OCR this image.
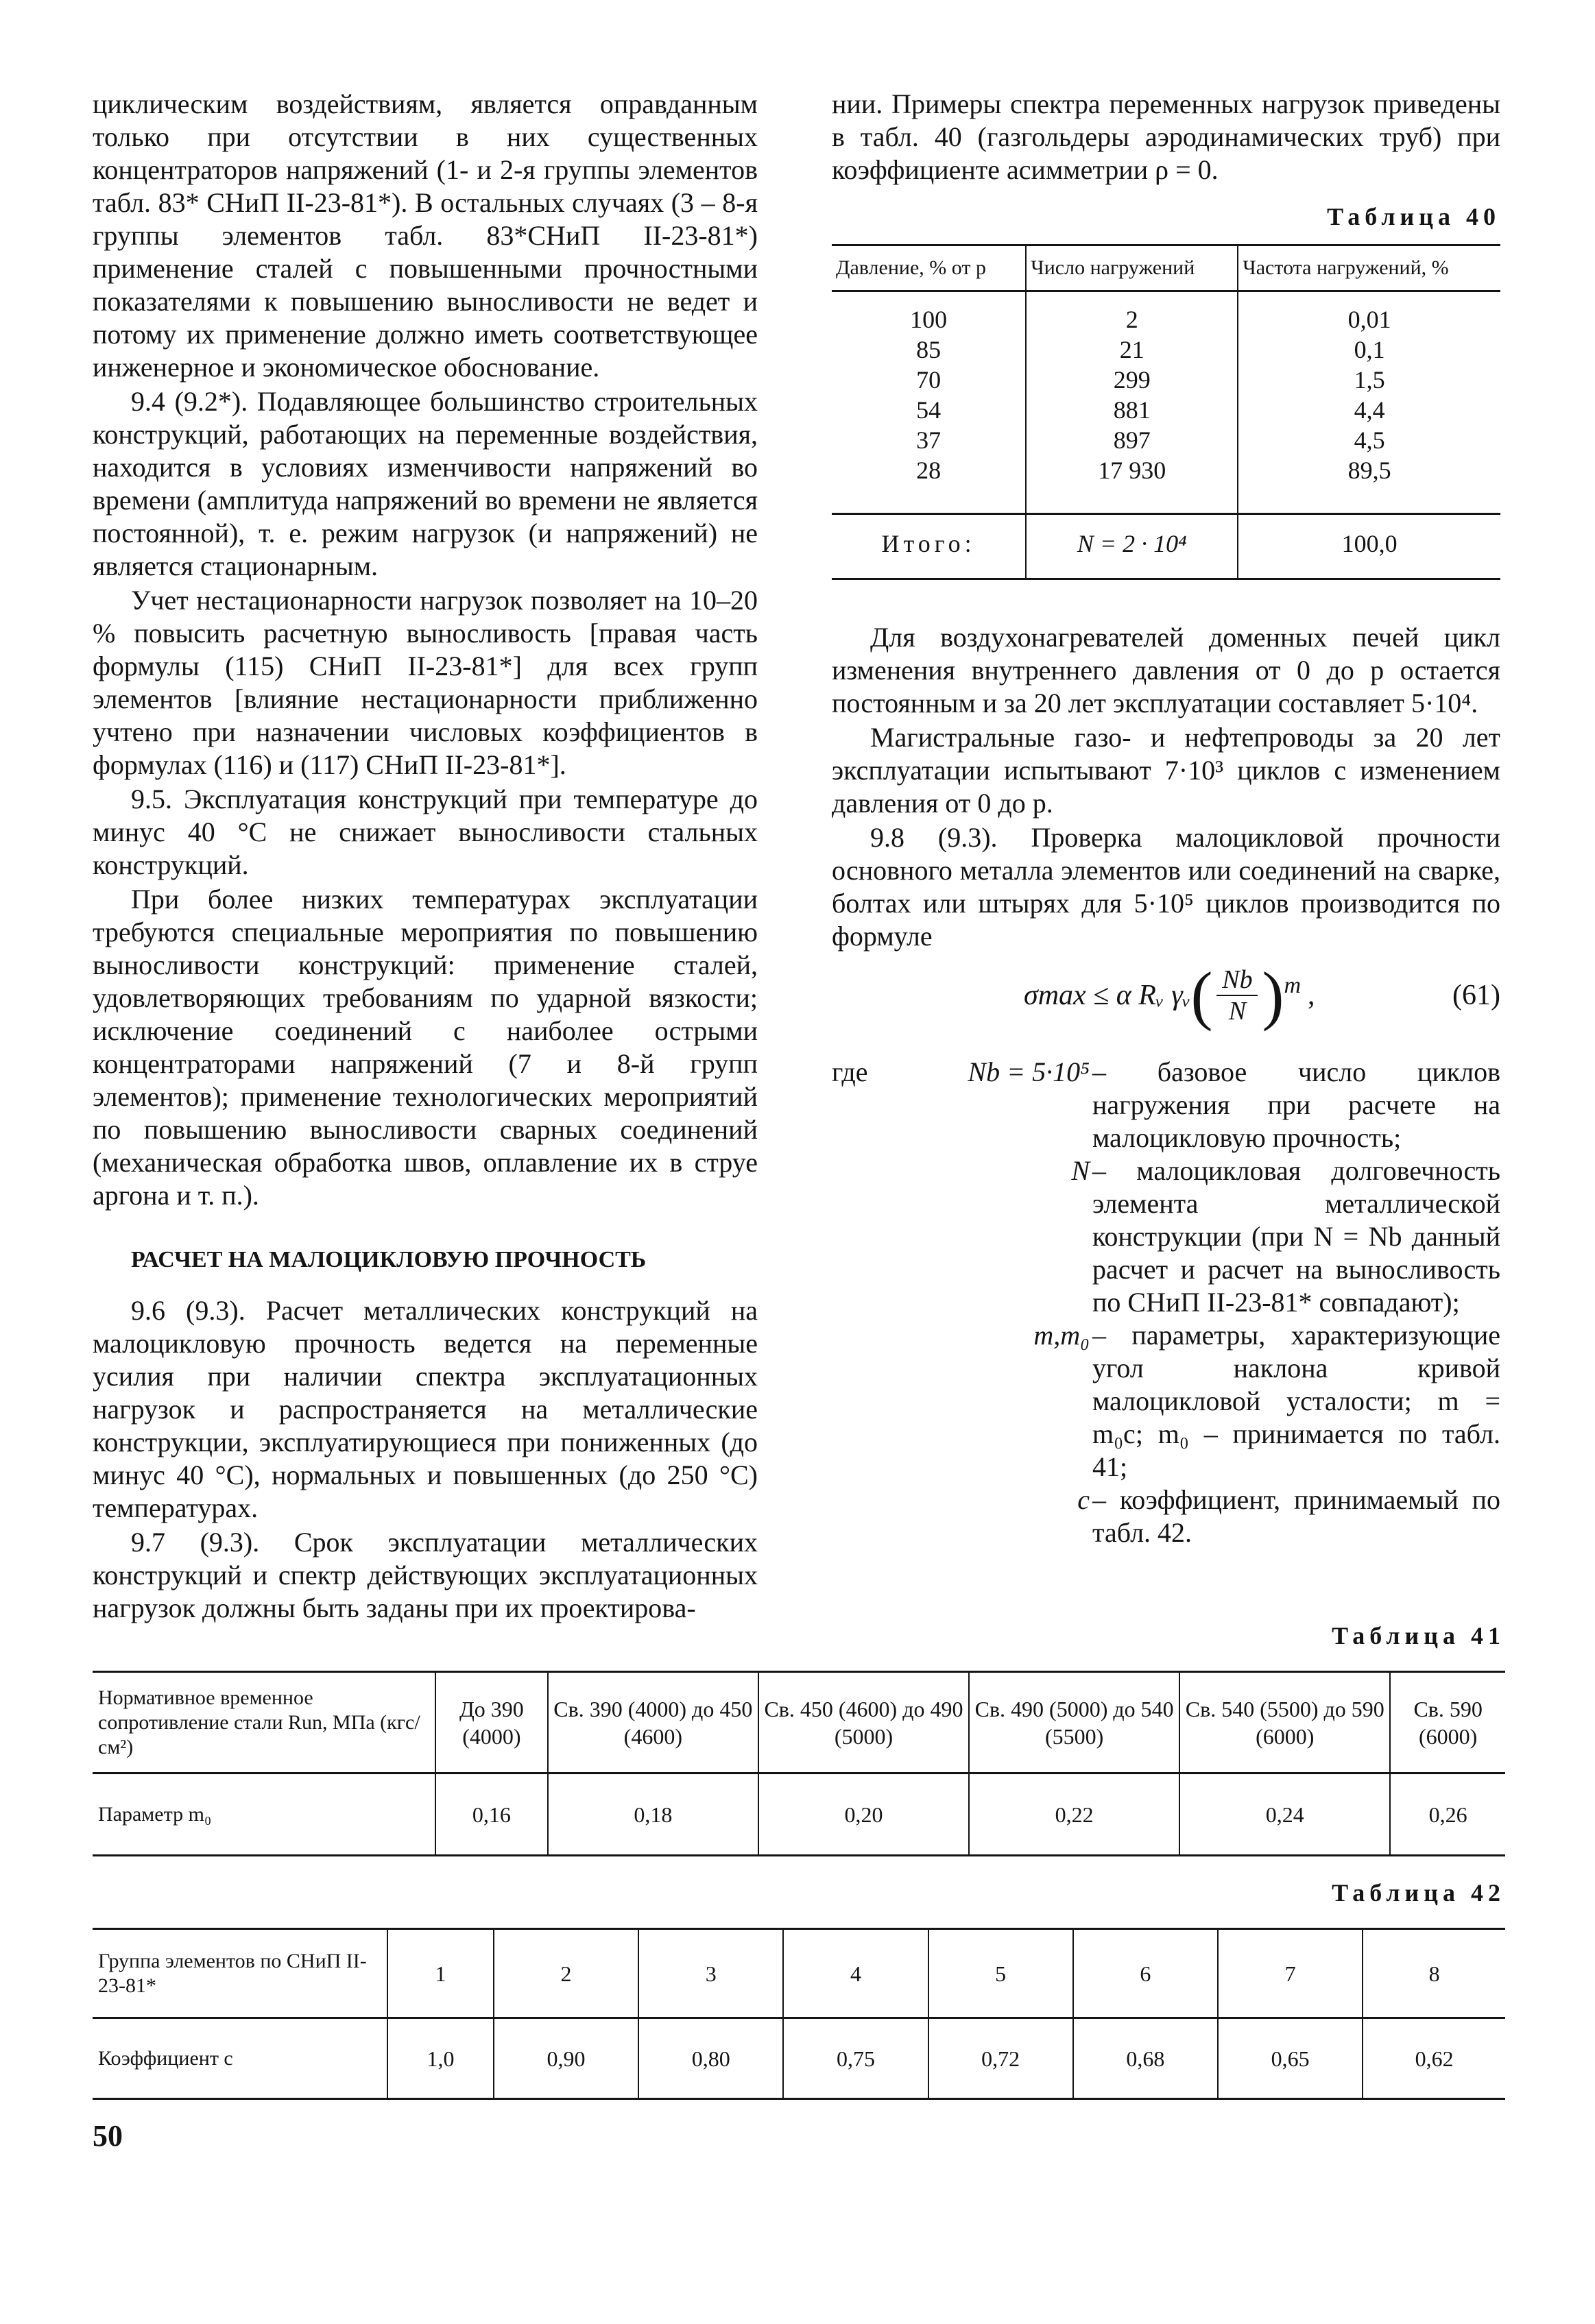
циклическим воздействиям, является оправданным только при отсутствии в них существенных концентраторов напряжений (1- и 2-я группы элементов табл. 83* СНиП II-23-81*). В остальных случаях (3 – 8-я группы элементов табл. 83*СНиП II-23-81*) применение сталей с повышенными прочностными показателями к повышению выносливости не ведет и потому их применение должно иметь соответствующее инженерное и экономическое обоснование.

9.4 (9.2*). Подавляющее большинство строительных конструкций, работающих на переменные воздействия, находится в условиях изменчивости напряжений во времени (амплитуда напряжений во времени не является постоянной), т. е. режим нагрузок (и напряжений) не является стационарным.

Учет нестационарности нагрузок позволяет на 10–20 % повысить расчетную выносливость [правая часть формулы (115) СНиП II-23-81*] для всех групп элементов [влияние нестационарности приближенно учтено при назначении числовых коэффициентов в формулах (116) и (117) СНиП II-23-81*].

9.5. Эксплуатация конструкций при температуре до минус 40 °С не снижает выносливости стальных конструкций.

При более низких температурах эксплуатации требуются специальные мероприятия по повышению выносливости конструкций: применение сталей, удовлетворяющих требованиям по ударной вязкости; исключение соединений с наиболее острыми концентраторами напряжений (7 и 8-й групп элементов); применение технологических мероприятий по повышению выносливости сварных соединений (механическая обработка швов, оплавление их в струе аргона и т. п.).

РАСЧЕТ НА МАЛОЦИКЛОВУЮ ПРОЧНОСТЬ

9.6 (9.3). Расчет металлических конструкций на малоцикловую прочность ведется на переменные усилия при наличии спектра эксплуатационных нагрузок и распространяется на металлические конструкции, эксплуатирующиеся при пониженных (до минус 40 °С), нормальных и повышенных (до 250 °С) температурах.

9.7 (9.3). Срок эксплуатации металлических конструкций и спектр действующих эксплуатационных нагрузок должны быть заданы при их проектирова-

нии. Примеры спектра переменных нагрузок приведены в табл. 40 (газгольдеры аэродинамических труб) при коэффициенте асимметрии ρ = 0.

Таблица 40

Давление, % от p	Число нагружений	Частота нагружений, %

100	2	0,01
85	21	0,1
70	299	1,5
54	881	4,4
37	897	4,5
28	17 930	89,5

Итого:	N = 2 · 10⁴	100,0

Для воздухонагревателей доменных печей цикл изменения внутреннего давления от 0 до p остается постоянным и за 20 лет эксплуатации составляет 5·10⁴.

Магистральные газо- и нефтепроводы за 20 лет эксплуатации испытывают 7·10³ циклов с изменением давления от 0 до p.

9.8 (9.3). Проверка малоцикловой прочности основного металла элементов или соединений на сварке, болтах или штырях для 5·10⁵ циклов производится по формуле

σmax ≤ α Rᵥ γᵥ ( $\frac{Nb}{N} )^m$ ,	(61)
где	Nb = 5·10⁵ – базовое число циклов нагружения при расчете на малоцикловую прочность;
N – малоцикловая долговечность элемента металлической конструкции (при N = Nb данный расчет и расчет на выносливость по СНиП II-23-81* совпадают);
m,m₀ – параметры, характеризующие угол наклона кривой малоцикловой усталости; m = m₀c; m₀ – принимается по табл. 41;
c – коэффициент, принимаемый по табл. 42.
Таблица 41
Нормативное временное сопротивление стали Run, МПа (кгс/см²)	До 390 (4000)	Св. 390 (4000) до 450 (4600)	Св. 450 (4600) до 490 (5000)	Св. 490 (5000) до 540 (5500)	Св. 540 (5500) до 590 (6000)	Св. 590 (6000)
Параметр m₀	0,16	0,18	0,20	0,22	0,24	0,26
Таблица 42
Группа элементов по СНиП II-23-81*	1	2	3	4	5	6	7	8
Коэффициент c	1,0	0,90	0,80	0,75	0,72	0,68	0,65	0,62
50
